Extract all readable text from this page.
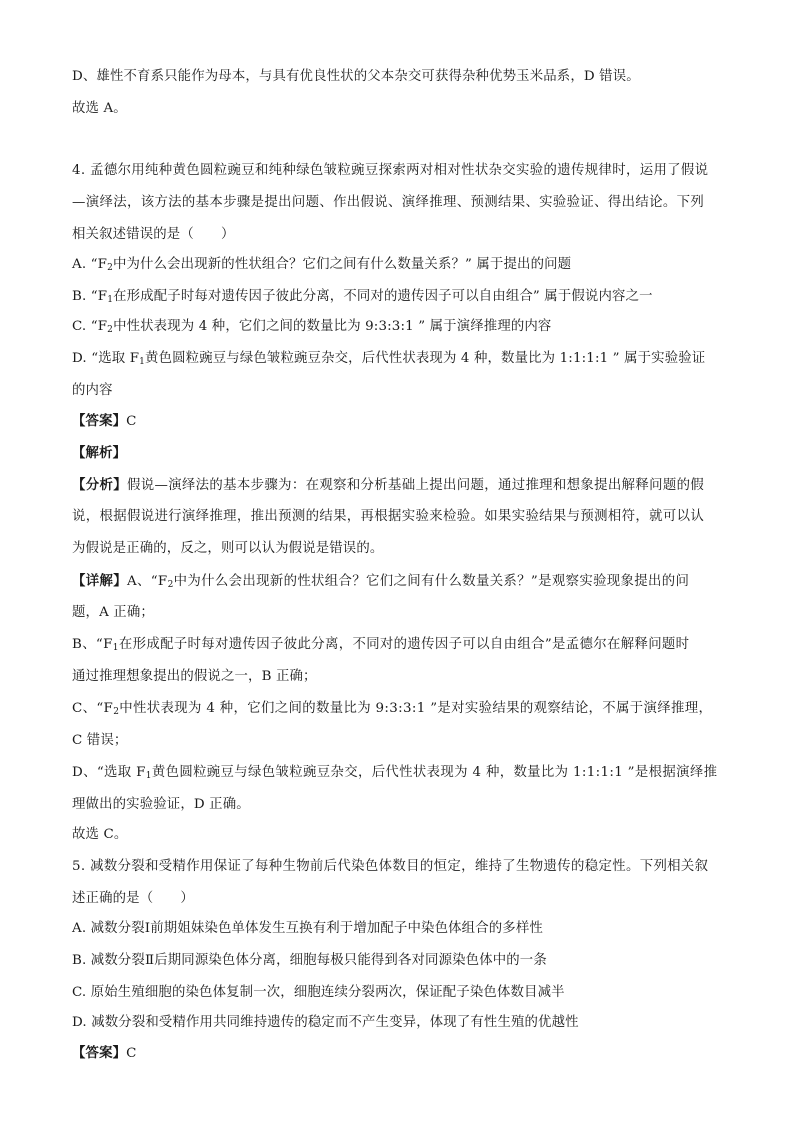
D、雄性不育系只能作为母本，与具有优良性状的父本杂交可获得杂种优势玉米品系，D 错误。
故选 A。
4. 孟德尔用纯种黄色圆粒豌豆和纯种绿色皱粒豌豆探索两对相对性状杂交实验的遗传规律时，运用了假说
—演绎法，该方法的基本步骤是提出问题、作出假说、演绎推理、预测结果、实验验证、得出结论。下列
相关叙述错误的是（　　）
A. “$F_2$中为什么会出现新的性状组合？它们之间有什么数量关系？” 属于提出的问题
B. “$F_1$在形成配子时每对遗传因子彼此分离，不同对的遗传因子可以自由组合” 属于假说内容之一
C. “$F_2$中性状表现为 4 种，它们之间的数量比为 9:3:3:1 ” 属于演绎推理的内容
D. “选取 $F_1$黄色圆粒豌豆与绿色皱粒豌豆杂交，后代性状表现为 4 种，数量比为 1:1:1:1 ” 属于实验验证
的内容
【答案】C
【解析】
【分析】假说—演绎法的基本步骤为：在观察和分析基础上提出问题，通过推理和想象提出解释问题的假
说，根据假说进行演绎推理，推出预测的结果，再根据实验来检验。如果实验结果与预测相符，就可以认
为假说是正确的，反之，则可以认为假说是错误的。
【详解】A、“$F_2$中为什么会出现新的性状组合？它们之间有什么数量关系？”是观察实验现象提出的问
题，A 正确；
B、“$F_1$在形成配子时每对遗传因子彼此分离，不同对的遗传因子可以自由组合”是孟德尔在解释问题时
通过推理想象提出的假说之一，B 正确；
C、“$F_2$中性状表现为 4 种，它们之间的数量比为 9:3:3:1 ”是对实验结果的观察结论，不属于演绎推理，
C 错误；
D、“选取 $F_1$黄色圆粒豌豆与绿色皱粒豌豆杂交，后代性状表现为 4 种，数量比为 1:1:1:1 ”是根据演绎推
理做出的实验验证，D 正确。
故选 C。
5. 减数分裂和受精作用保证了每种生物前后代染色体数目的恒定，维持了生物遗传的稳定性。下列相关叙
述正确的是（　　）
A. 减数分裂Ⅰ前期姐妹染色单体发生互换有利于增加配子中染色体组合的多样性
B. 减数分裂Ⅱ后期同源染色体分离，细胞每极只能得到各对同源染色体中的一条
C. 原始生殖细胞的染色体复制一次，细胞连续分裂两次，保证配子染色体数目减半
D. 减数分裂和受精作用共同维持遗传的稳定而不产生变异，体现了有性生殖的优越性
【答案】C
